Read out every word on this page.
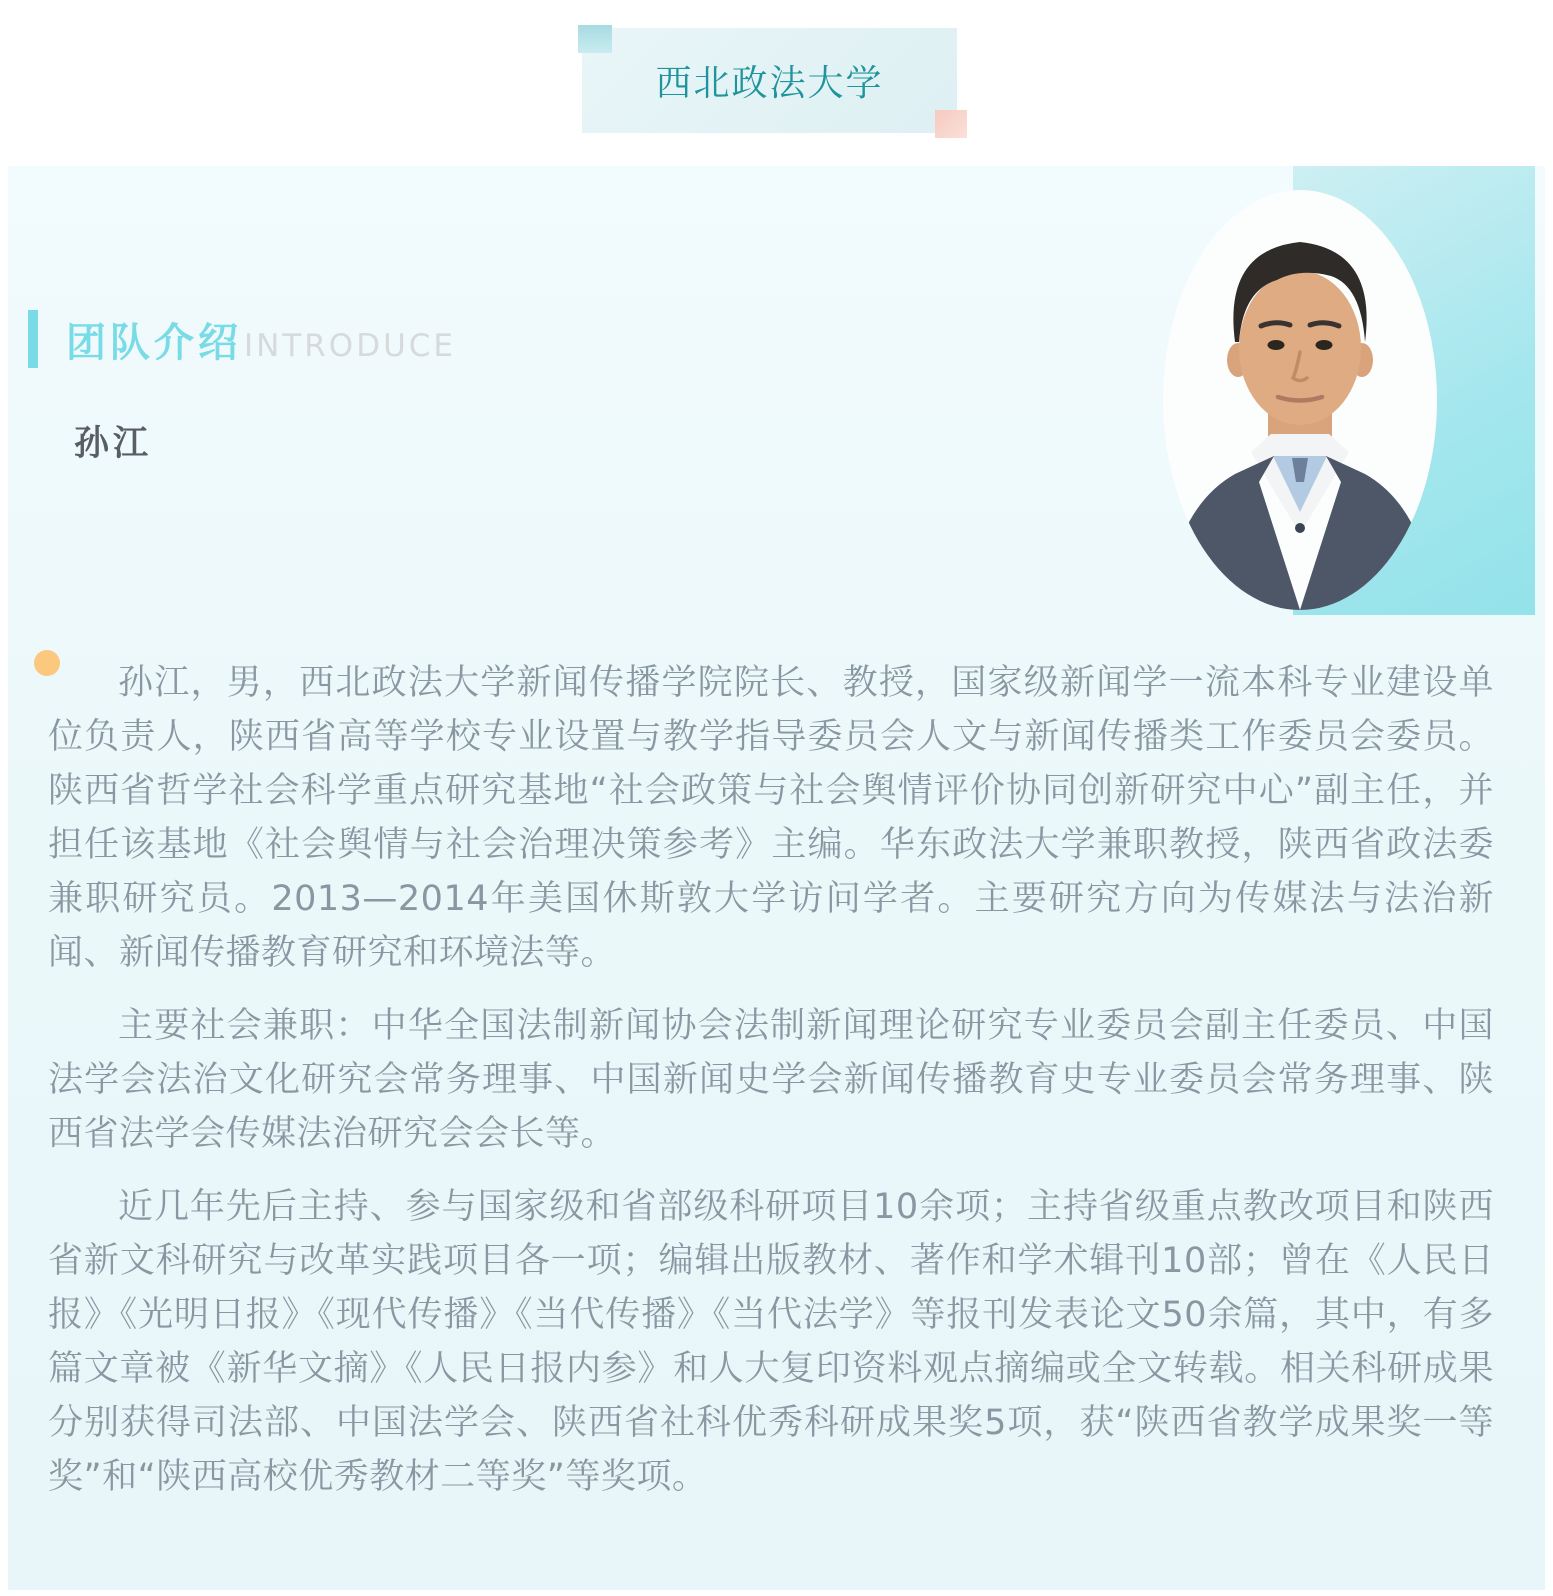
西北政法大学
团队介绍 INTRODUCE
孙江

孙江，男，西北政法大学新闻传播学院院长、教授，国家级新闻学一流本科专业建设单位负责人，陕西省高等学校专业设置与教学指导委员会人文与新闻传播类工作委员会委员。陕西省哲学社会科学重点研究基地“社会政策与社会舆情评价协同创新研究中心”副主任，并担任该基地《社会舆情与社会治理决策参考》主编。华东政法大学兼职教授，陕西省政法委兼职研究员。2013—2014年美国休斯敦大学访问学者。主要研究方向为传媒法与法治新闻、新闻传播教育研究和环境法等。

主要社会兼职：中华全国法制新闻协会法制新闻理论研究专业委员会副主任委员、中国法学会法治文化研究会常务理事、中国新闻史学会新闻传播教育史专业委员会常务理事、陕西省法学会传媒法治研究会会长等。

近几年先后主持、参与国家级和省部级科研项目10余项；主持省级重点教改项目和陕西省新文科研究与改革实践项目各一项；编辑出版教材、著作和学术辑刊10部；曾在《人民日报》《光明日报》《现代传播》《当代传播》《当代法学》等报刊发表论文50余篇，其中，有多篇文章被《新华文摘》《人民日报内参》和人大复印资料观点摘编或全文转载。相关科研成果分别获得司法部、中国法学会、陕西省社科优秀科研成果奖5项，获“陕西省教学成果奖一等奖”和“陕西高校优秀教材二等奖”等奖项。
